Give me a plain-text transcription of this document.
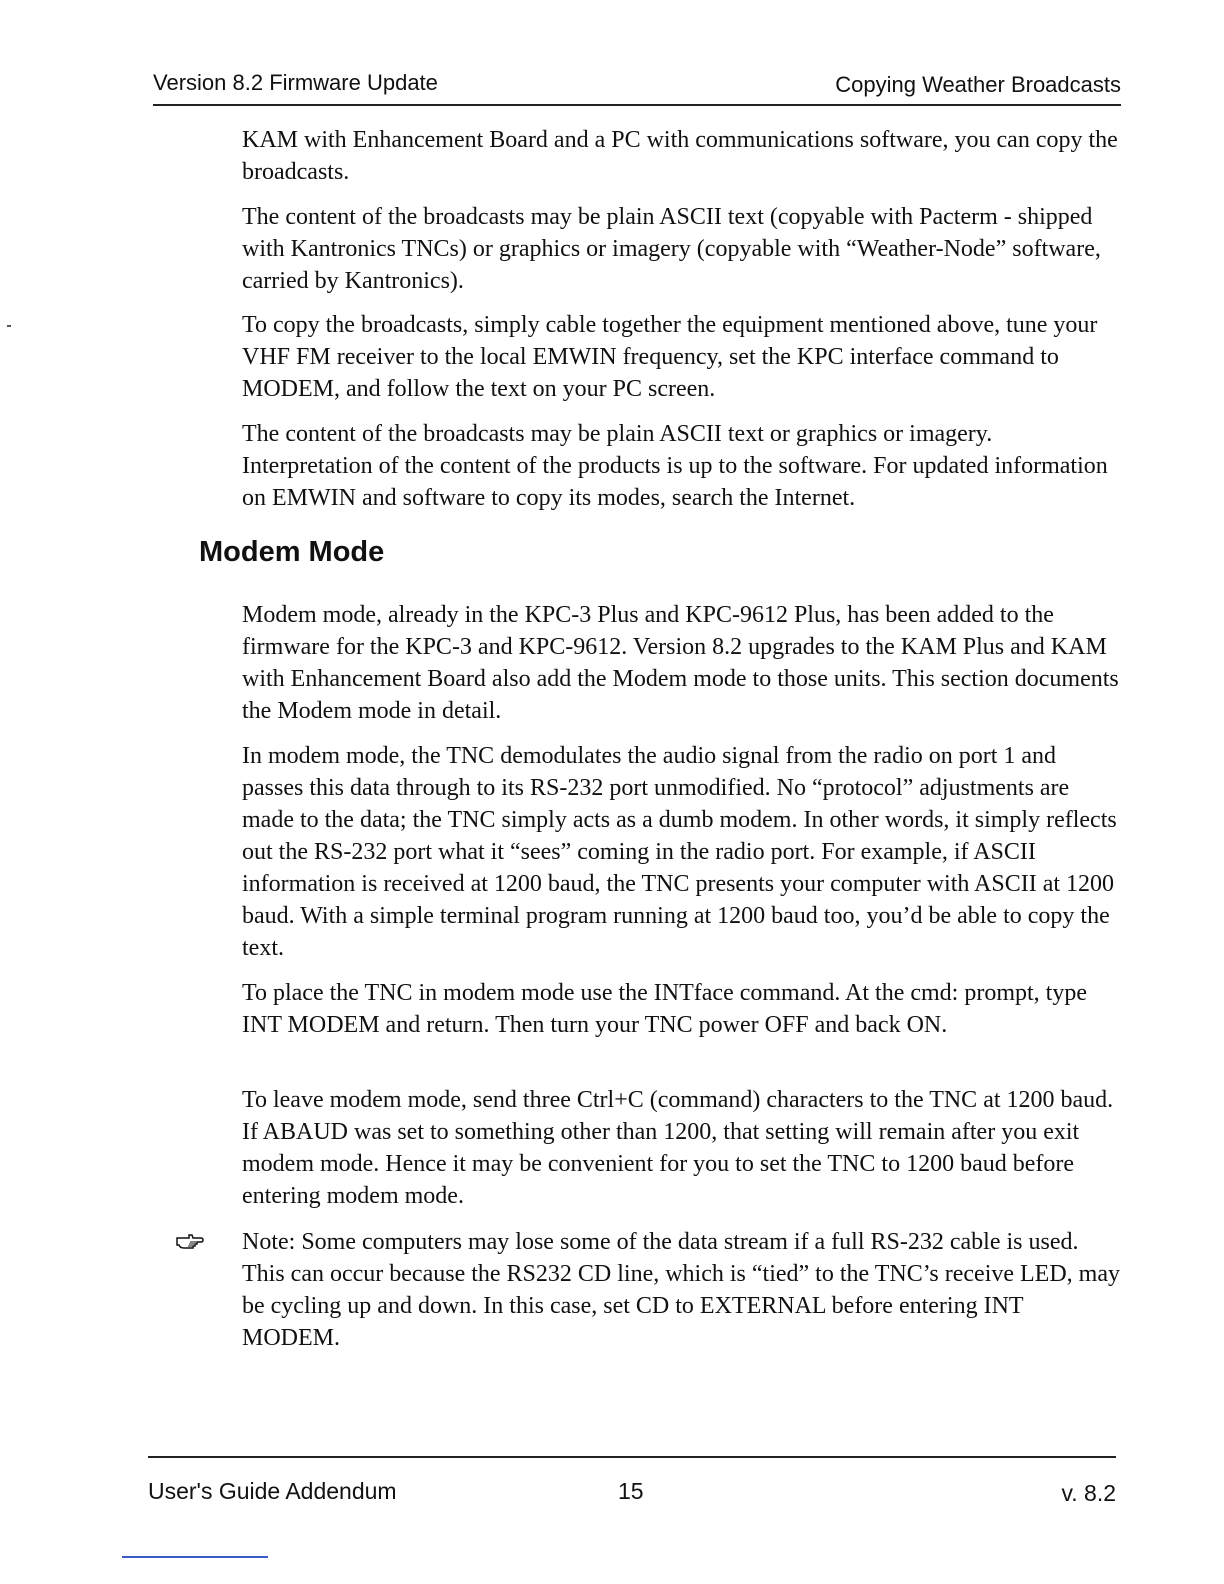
Version 8.2 Firmware Update	Copying Weather Broadcasts

KAM with Enhancement Board and a PC with communications software, you can copy the broadcasts.

The content of the broadcasts may be plain ASCII text (copyable with Pacterm - shipped with Kantronics TNCs) or graphics or imagery (copyable with “Weather-Node” software, carried by Kantronics).

To copy the broadcasts, simply cable together the equipment mentioned above, tune your VHF FM receiver to the local EMWIN frequency, set the KPC interface command to MODEM, and follow the text on your PC screen.

The content of the broadcasts may be plain ASCII text or graphics or imagery. Interpretation of the content of the products is up to the software. For updated information on EMWIN and software to copy its modes, search the Internet.

Modem Mode

Modem mode, already in the KPC-3 Plus and KPC-9612 Plus, has been added to the firmware for the KPC-3 and KPC-9612. Version 8.2 upgrades to the KAM Plus and KAM with Enhancement Board also add the Modem mode to those units. This section documents the Modem mode in detail.

In modem mode, the TNC demodulates the audio signal from the radio on port 1 and passes this data through to its RS-232 port unmodified. No “protocol” adjustments are made to the data; the TNC simply acts as a dumb modem. In other words, it simply reflects out the RS-232 port what it “sees” coming in the radio port. For example, if ASCII information is received at 1200 baud, the TNC presents your computer with ASCII at 1200 baud. With a simple terminal program running at 1200 baud too, you’d be able to copy the text.

To place the TNC in modem mode use the INTface command. At the cmd: prompt, type INT MODEM and return. Then turn your TNC power OFF and back ON.

To leave modem mode, send three Ctrl+C (command) characters to the TNC at 1200 baud. If ABAUD was set to something other than 1200, that setting will remain after you exit modem mode. Hence it may be convenient for you to set the TNC to 1200 baud before entering modem mode.

Note: Some computers may lose some of the data stream if a full RS-232 cable is used. This can occur because the RS232 CD line, which is “tied” to the TNC’s receive LED, may be cycling up and down. In this case, set CD to EXTERNAL before entering INT MODEM.

User's Guide Addendum	15	v. 8.2
